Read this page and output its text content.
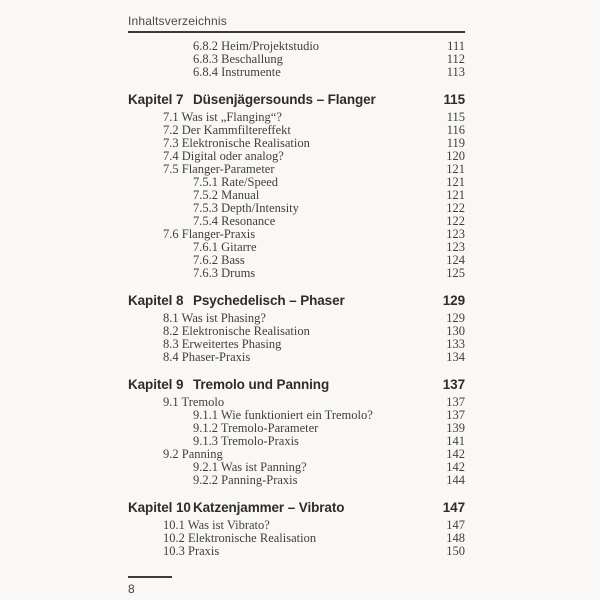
Inhaltsverzeichnis
6.8.2 Heim/Projektstudio	111
6.8.3 Beschallung	112
6.8.4 Instrumente	113
Kapitel 7 Düsenjägersounds – Flanger	115
7.1 Was ist „Flanging“?	115
7.2 Der Kammfiltereffekt	116
7.3 Elektronische Realisation	119
7.4 Digital oder analog?	120
7.5 Flanger-Parameter	121
7.5.1 Rate/Speed	121
7.5.2 Manual	121
7.5.3 Depth/Intensity	122
7.5.4 Resonance	122
7.6 Flanger-Praxis	123
7.6.1 Gitarre	123
7.6.2 Bass	124
7.6.3 Drums	125
Kapitel 8 Psychedelisch – Phaser	129
8.1 Was ist Phasing?	129
8.2 Elektronische Realisation	130
8.3 Erweitertes Phasing	133
8.4 Phaser-Praxis	134
Kapitel 9 Tremolo und Panning	137
9.1 Tremolo	137
9.1.1 Wie funktioniert ein Tremolo?	137
9.1.2 Tremolo-Parameter	139
9.1.3 Tremolo-Praxis	141
9.2 Panning	142
9.2.1 Was ist Panning?	142
9.2.2 Panning-Praxis	144
Kapitel 10 Katzenjammer – Vibrato	147
10.1 Was ist Vibrato?	147
10.2 Elektronische Realisation	148
10.3 Praxis	150
8
